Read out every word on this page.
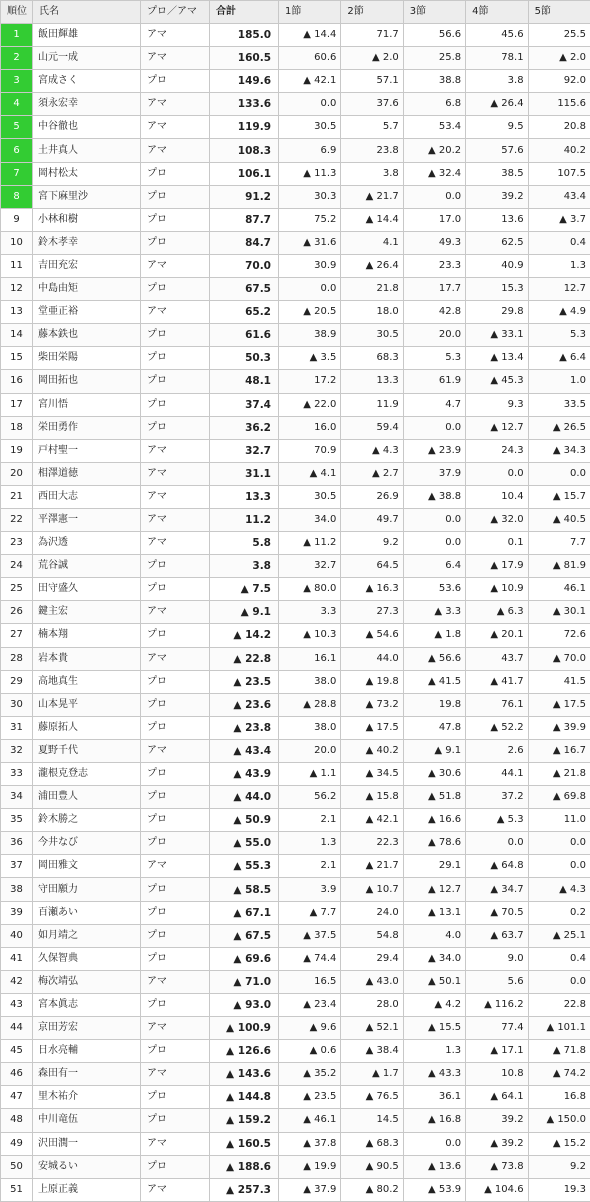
順位	氏名	プロ／アマ	合計	1節	2節	3節	4節	5節
1	飯田輝雄	アマ	185.0	▲ 14.4	71.7	56.6	45.6	25.5
2	山元一成	アマ	160.5	60.6	▲ 2.0	25.8	78.1	▲ 2.0
3	宮成さく	プロ	149.6	▲ 42.1	57.1	38.8	3.8	92.0
4	須永宏幸	アマ	133.6	0.0	37.6	6.8	▲ 26.4	115.6
5	中谷徹也	アマ	119.9	30.5	5.7	53.4	9.5	20.8
6	土井真人	アマ	108.3	6.9	23.8	▲ 20.2	57.6	40.2
7	岡村松太	プロ	106.1	▲ 11.3	3.8	▲ 32.4	38.5	107.5
8	宮下麻里沙	プロ	91.2	30.3	▲ 21.7	0.0	39.2	43.4
9	小林和樹	プロ	87.7	75.2	▲ 14.4	17.0	13.6	▲ 3.7
10	鈴木孝幸	プロ	84.7	▲ 31.6	4.1	49.3	62.5	0.4
11	吉田充宏	アマ	70.0	30.9	▲ 26.4	23.3	40.9	1.3
12	中島由矩	プロ	67.5	0.0	21.8	17.7	15.3	12.7
13	堂亜正裕	アマ	65.2	▲ 20.5	18.0	42.8	29.8	▲ 4.9
14	藤本鉄也	プロ	61.6	38.9	30.5	20.0	▲ 33.1	5.3
15	柴田栄陽	プロ	50.3	▲ 3.5	68.3	5.3	▲ 13.4	▲ 6.4
16	岡田拓也	プロ	48.1	17.2	13.3	61.9	▲ 45.3	1.0
17	宮川悟	プロ	37.4	▲ 22.0	11.9	4.7	9.3	33.5
18	栄田勇作	プロ	36.2	16.0	59.4	0.0	▲ 12.7	▲ 26.5
19	戸村聖一	アマ	32.7	70.9	▲ 4.3	▲ 23.9	24.3	▲ 34.3
20	相澤道徳	アマ	31.1	▲ 4.1	▲ 2.7	37.9	0.0	0.0
21	西田大志	アマ	13.3	30.5	26.9	▲ 38.8	10.4	▲ 15.7
22	平澤憲一	アマ	11.2	34.0	49.7	0.0	▲ 32.0	▲ 40.5
23	為沢透	アマ	5.8	▲ 11.2	9.2	0.0	0.1	7.7
24	荒谷誠	プロ	3.8	32.7	64.5	6.4	▲ 17.9	▲ 81.9
25	田守盛久	プロ	▲ 7.5	▲ 80.0	▲ 16.3	53.6	▲ 10.9	46.1
26	鍵主宏	アマ	▲ 9.1	3.3	27.3	▲ 3.3	▲ 6.3	▲ 30.1
27	楠本翔	プロ	▲ 14.2	▲ 10.3	▲ 54.6	▲ 1.8	▲ 20.1	72.6
28	岩本貴	アマ	▲ 22.8	16.1	44.0	▲ 56.6	43.7	▲ 70.0
29	高地真生	プロ	▲ 23.5	38.0	▲ 19.8	▲ 41.5	▲ 41.7	41.5
30	山本晃平	プロ	▲ 23.6	▲ 28.8	▲ 73.2	19.8	76.1	▲ 17.5
31	藤原拓人	プロ	▲ 23.8	38.0	▲ 17.5	47.8	▲ 52.2	▲ 39.9
32	夏野千代	アマ	▲ 43.4	20.0	▲ 40.2	▲ 9.1	2.6	▲ 16.7
33	瀧根克登志	プロ	▲ 43.9	▲ 1.1	▲ 34.5	▲ 30.6	44.1	▲ 21.8
34	浦田豊人	プロ	▲ 44.0	56.2	▲ 15.8	▲ 51.8	37.2	▲ 69.8
35	鈴木勝之	プロ	▲ 50.9	2.1	▲ 42.1	▲ 16.6	▲ 5.3	11.0
36	今井なび	プロ	▲ 55.0	1.3	22.3	▲ 78.6	0.0	0.0
37	岡田雅文	アマ	▲ 55.3	2.1	▲ 21.7	29.1	▲ 64.8	0.0
38	守田願力	プロ	▲ 58.5	3.9	▲ 10.7	▲ 12.7	▲ 34.7	▲ 4.3
39	百瀬あい	プロ	▲ 67.1	▲ 7.7	24.0	▲ 13.1	▲ 70.5	0.2
40	如月靖之	プロ	▲ 67.5	▲ 37.5	54.8	4.0	▲ 63.7	▲ 25.1
41	久保智典	プロ	▲ 69.6	▲ 74.4	29.4	▲ 34.0	9.0	0.4
42	梅次靖弘	アマ	▲ 71.0	16.5	▲ 43.0	▲ 50.1	5.6	0.0
43	宮本眞志	プロ	▲ 93.0	▲ 23.4	28.0	▲ 4.2	▲ 116.2	22.8
44	京田芳宏	アマ	▲ 100.9	▲ 9.6	▲ 52.1	▲ 15.5	77.4	▲ 101.1
45	日水亮輔	プロ	▲ 126.6	▲ 0.6	▲ 38.4	1.3	▲ 17.1	▲ 71.8
46	森田有一	アマ	▲ 143.6	▲ 35.2	▲ 1.7	▲ 43.3	10.8	▲ 74.2
47	里木祐介	プロ	▲ 144.8	▲ 23.5	▲ 76.5	36.1	▲ 64.1	16.8
48	中川竜伍	プロ	▲ 159.2	▲ 46.1	14.5	▲ 16.8	39.2	▲ 150.0
49	沢田潤一	アマ	▲ 160.5	▲ 37.8	▲ 68.3	0.0	▲ 39.2	▲ 15.2
50	安城るい	プロ	▲ 188.6	▲ 19.9	▲ 90.5	▲ 13.6	▲ 73.8	9.2
51	上原正義	アマ	▲ 257.3	▲ 37.9	▲ 80.2	▲ 53.9	▲ 104.6	19.3
